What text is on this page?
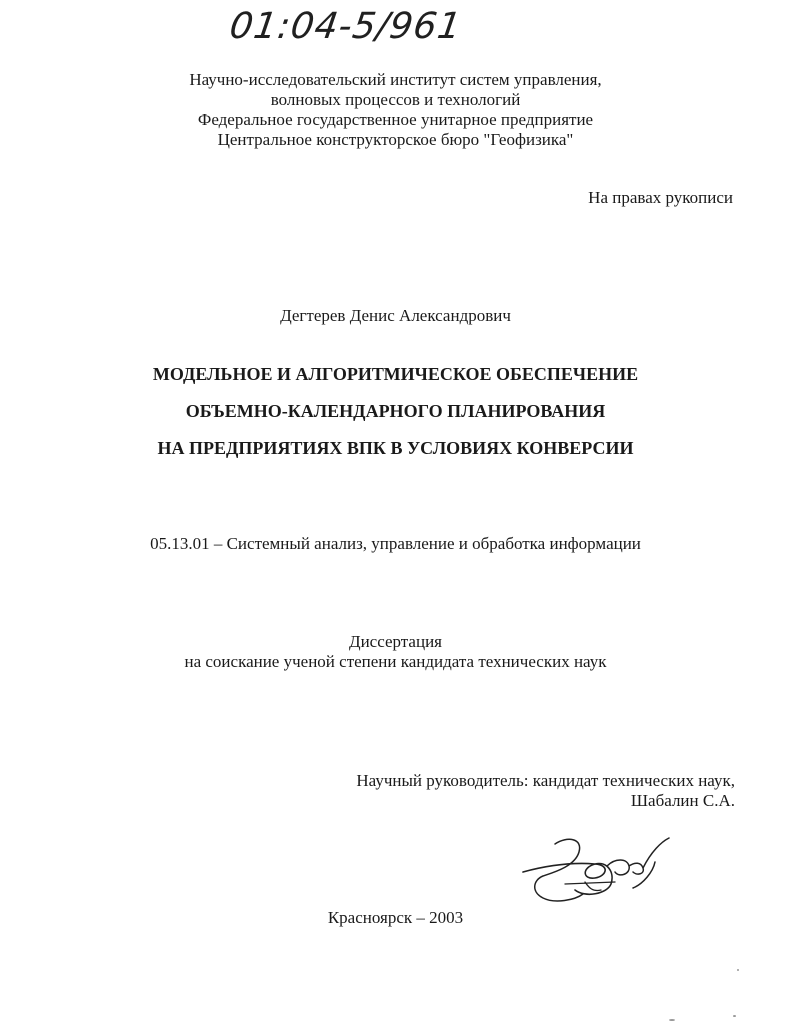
01:04-5/961
Научно-исследовательский институт систем управления,
волновых процессов и технологий
Федеральное государственное унитарное предприятие
Центральное конструкторское бюро "Геофизика"
На правах рукописи
Дегтерев Денис Александрович
МОДЕЛЬНОЕ И АЛГОРИТМИЧЕСКОЕ ОБЕСПЕЧЕНИЕ
ОБЪЕМНО-КАЛЕНДАРНОГО ПЛАНИРОВАНИЯ
НА ПРЕДПРИЯТИЯХ ВПК В УСЛОВИЯХ КОНВЕРСИИ
05.13.01 – Системный анализ, управление и обработка информации
Диссертация
на соискание ученой степени кандидата технических наук
Научный руководитель: кандидат технических наук,
Шабалин С.А.
Красноярск – 2003
